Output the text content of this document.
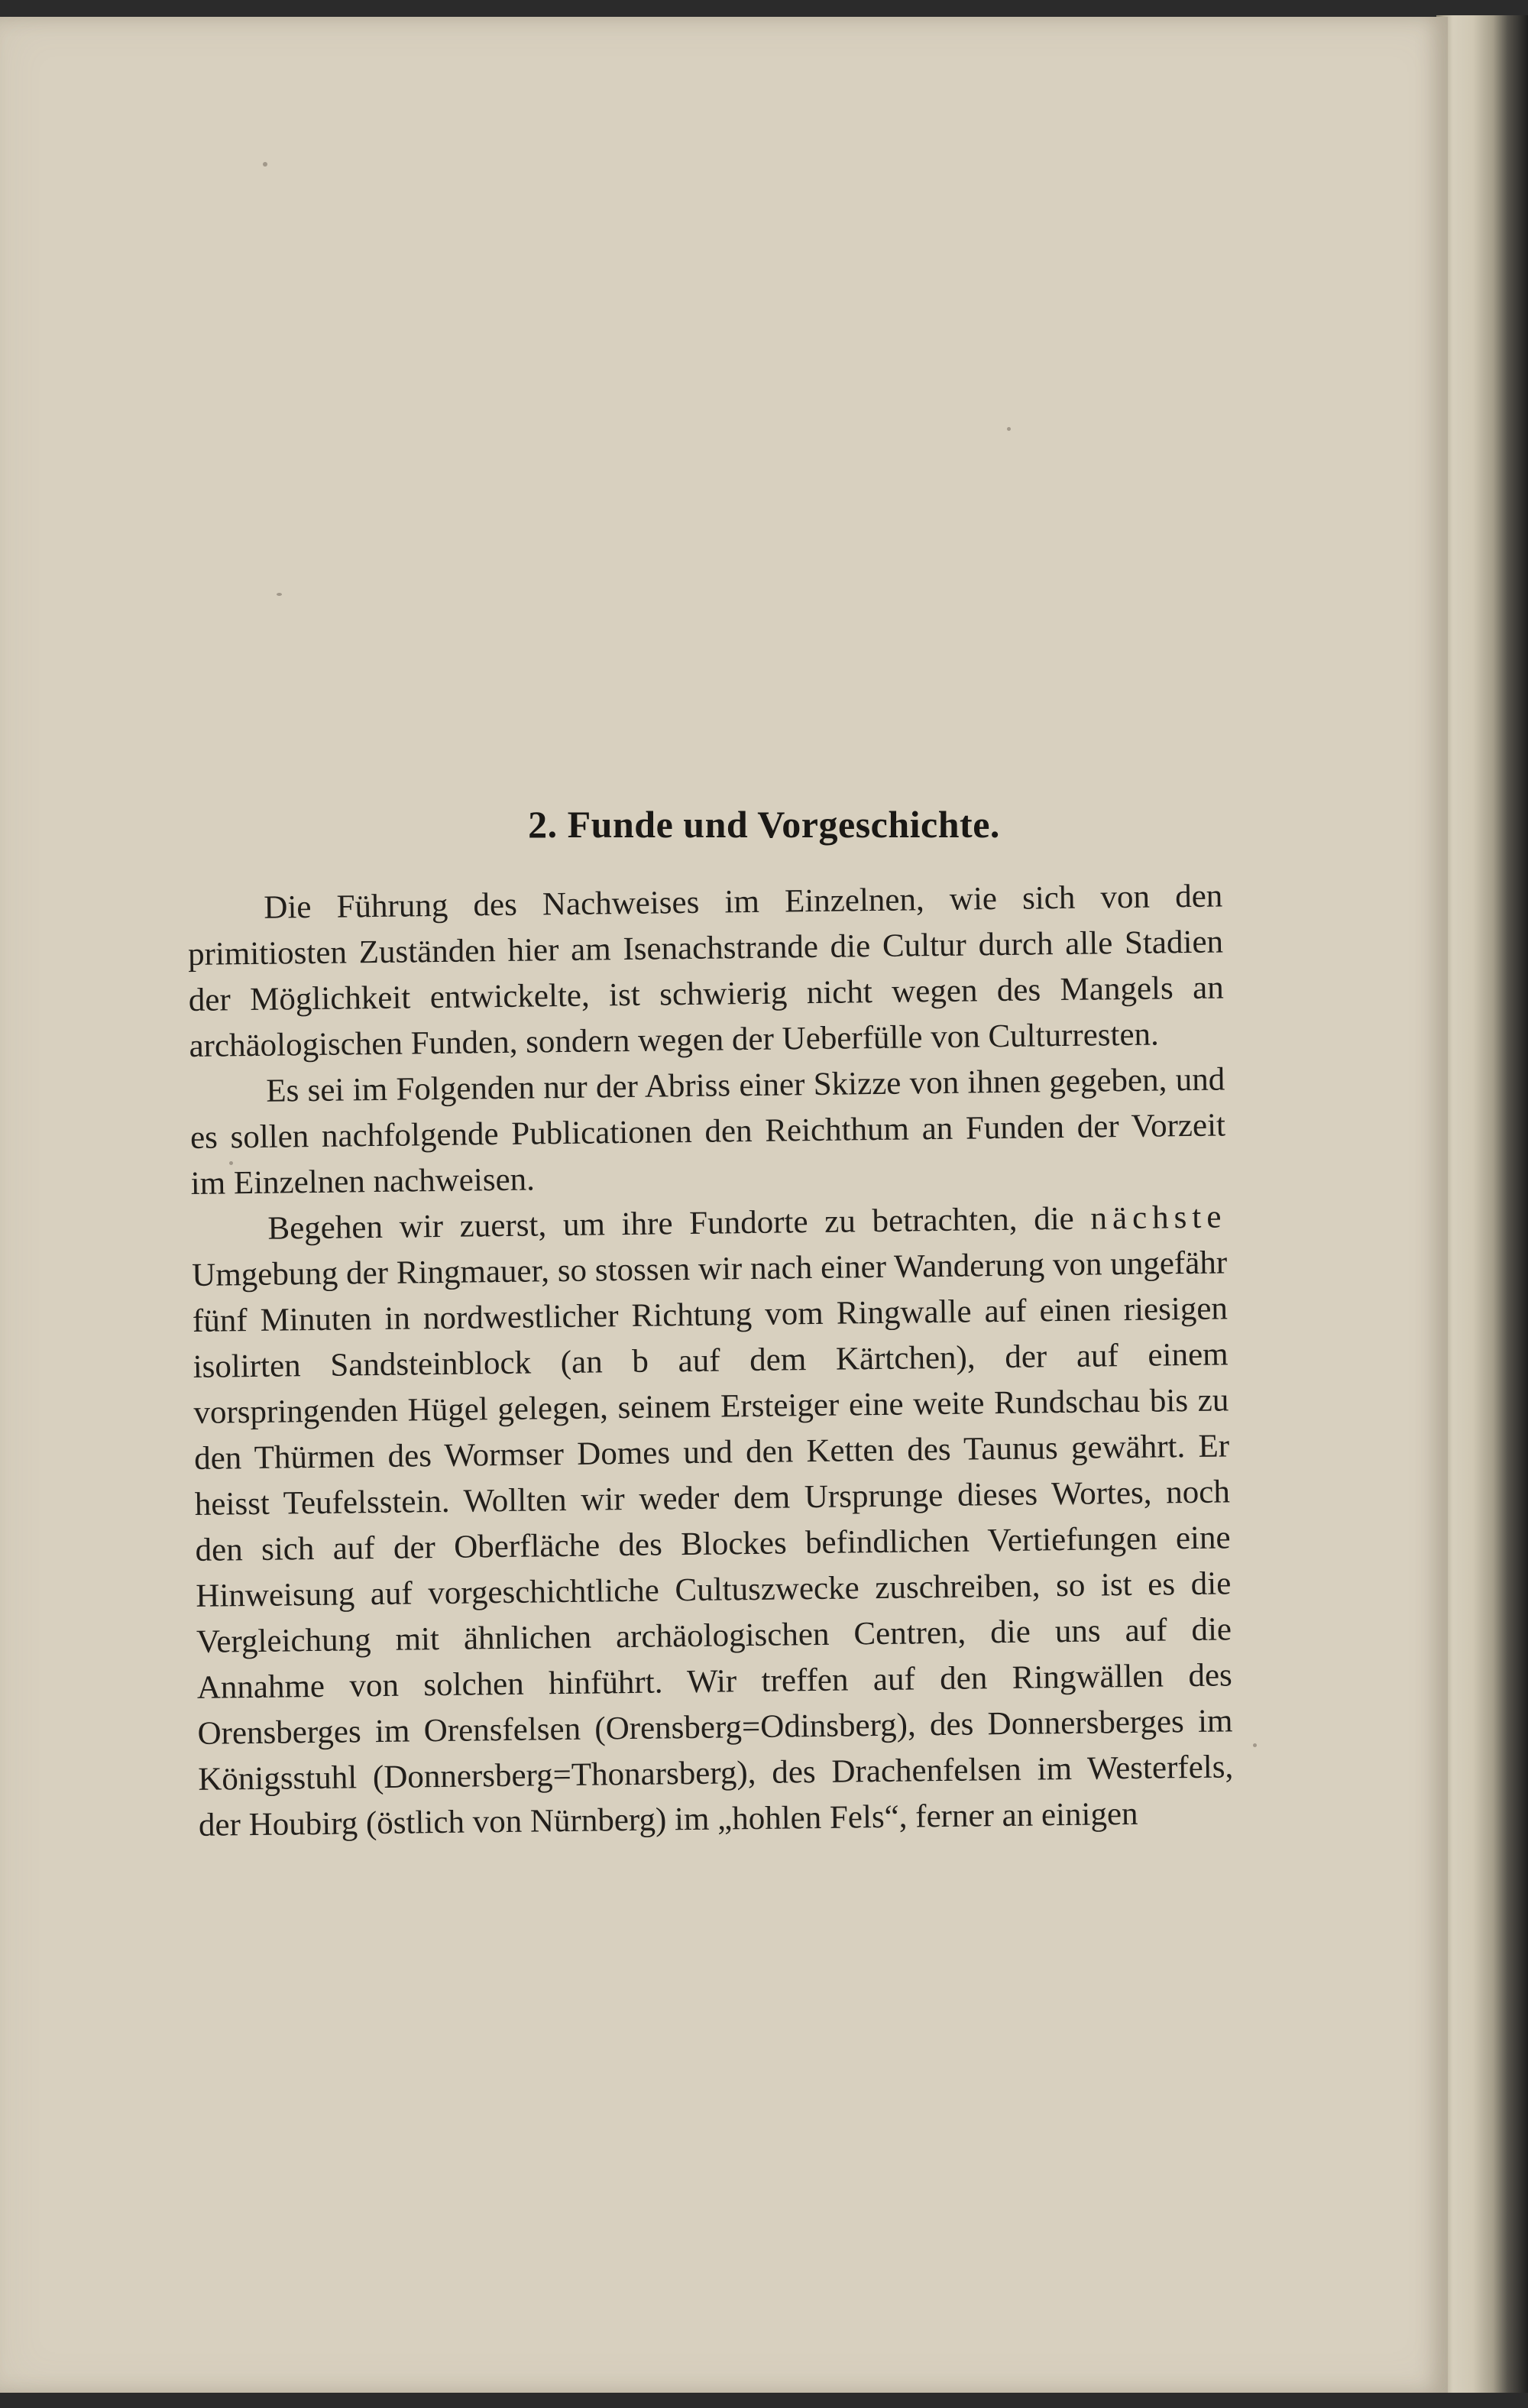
2. Funde und Vorgeschichte.

Die Führung des Nachweises im Einzelnen, wie sich von den primitiosten Zuständen hier am Isenachstrande die Cultur durch alle Stadien der Möglichkeit entwickelte, ist schwierig nicht wegen des Mangels an archäologischen Funden, sondern wegen der Ueberfülle von Culturresten.

Es sei im Folgenden nur der Abriss einer Skizze von ihnen gegeben, und es sollen nachfolgende Publicationen den Reichthum an Funden der Vorzeit im Einzelnen nachweisen.

Begehen wir zuerst, um ihre Fundorte zu betrachten, die nächste Umgebung der Ringmauer, so stossen wir nach einer Wanderung von ungefähr fünf Minuten in nordwestlicher Richtung vom Ringwalle auf einen riesigen isolirten Sandsteinblock (an b auf dem Kärtchen), der auf einem vorspringenden Hügel gelegen, seinem Ersteiger eine weite Rundschau bis zu den Thürmen des Wormser Domes und den Ketten des Taunus gewährt. Er heisst Teufelsstein. Wollten wir weder dem Ursprunge dieses Wortes, noch den sich auf der Oberfläche des Blockes befindlichen Vertiefungen eine Hinweisung auf vorgeschichtliche Cultuszwecke zuschreiben, so ist es die Vergleichung mit ähnlichen archäologischen Centren, die uns auf die Annahme von solchen hinführt. Wir treffen auf den Ringwällen des Orensberges im Orensfelsen (Orensberg=Odinsberg), des Donnersberges im Königsstuhl (Donnersberg=Thonarsberg), des Drachenfelsen im Westerfels, der Houbirg (östlich von Nürnberg) im „hohlen Fels“, ferner an einigen
